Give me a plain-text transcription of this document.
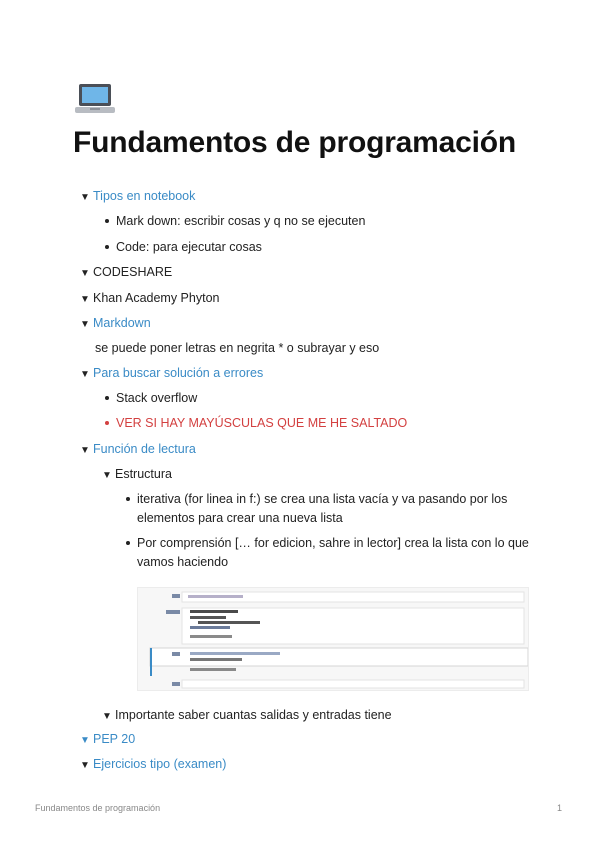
Fundamentos de programación
▼ Tipos en notebook
Mark down: escribir cosas y q no se ejecuten
Code: para ejecutar cosas
▼ CODESHARE
▼ Khan Academy Phyton
▼ Markdown
se puede poner letras en negrita * o subrayar y eso
▼ Para buscar solución a errores
Stack overflow
VER SI HAY MAYÚSCULAS QUE ME HE SALTADO
▼ Función de lectura
▼ Estructura
iterativa (for linea in f:) se crea una lista vacía y va pasando por los
elementos para crear una nueva lista
Por comprensión [… for edicion, sahre in lector] crea la lista con lo que
vamos haciendo
▼ Importante saber cuantas salidas y entradas tiene
▼ PEP 20
▼ Ejercicios tipo (examen)
Fundamentos de programación	1
